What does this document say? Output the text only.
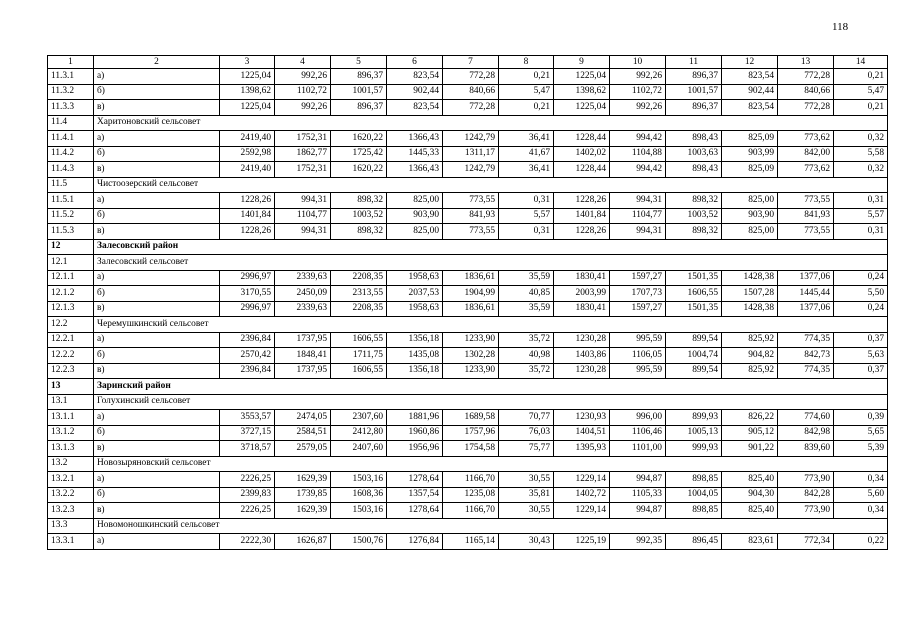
118
1	2	3	4	5	6	7	8	9	10	11	12	13	14
11.3.1	а)	1225,04	992,26	896,37	823,54	772,28	0,21	1225,04	992,26	896,37	823,54	772,28	0,21
11.3.2	б)	1398,62	1102,72	1001,57	902,44	840,66	5,47	1398,62	1102,72	1001,57	902,44	840,66	5,47
11.3.3	в)	1225,04	992,26	896,37	823,54	772,28	0,21	1225,04	992,26	896,37	823,54	772,28	0,21
11.4	Харитоновский сельсовет												
11.4.1	а)	2419,40	1752,31	1620,22	1366,43	1242,79	36,41	1228,44	994,42	898,43	825,09	773,62	0,32
11.4.2	б)	2592,98	1862,77	1725,42	1445,33	1311,17	41,67	1402,02	1104,88	1003,63	903,99	842,00	5,58
11.4.3	в)	2419,40	1752,31	1620,22	1366,43	1242,79	36,41	1228,44	994,42	898,43	825,09	773,62	0,32
11.5	Чистоозерский сельсовет												
11.5.1	а)	1228,26	994,31	898,32	825,00	773,55	0,31	1228,26	994,31	898,32	825,00	773,55	0,31
11.5.2	б)	1401,84	1104,77	1003,52	903,90	841,93	5,57	1401,84	1104,77	1003,52	903,90	841,93	5,57
11.5.3	в)	1228,26	994,31	898,32	825,00	773,55	0,31	1228,26	994,31	898,32	825,00	773,55	0,31
12	Залесовский район												
12.1	Залесовский сельсовет												
12.1.1	а)	2996,97	2339,63	2208,35	1958,63	1836,61	35,59	1830,41	1597,27	1501,35	1428,38	1377,06	0,24
12.1.2	б)	3170,55	2450,09	2313,55	2037,53	1904,99	40,85	2003,99	1707,73	1606,55	1507,28	1445,44	5,50
12.1.3	в)	2996,97	2339,63	2208,35	1958,63	1836,61	35,59	1830,41	1597,27	1501,35	1428,38	1377,06	0,24
12.2	Черемушкинский сельсовет												
12.2.1	а)	2396,84	1737,95	1606,55	1356,18	1233,90	35,72	1230,28	995,59	899,54	825,92	774,35	0,37
12.2.2	б)	2570,42	1848,41	1711,75	1435,08	1302,28	40,98	1403,86	1106,05	1004,74	904,82	842,73	5,63
12.2.3	в)	2396,84	1737,95	1606,55	1356,18	1233,90	35,72	1230,28	995,59	899,54	825,92	774,35	0,37
13	Заринский район												
13.1	Голухинский сельсовет												
13.1.1	а)	3553,57	2474,05	2307,60	1881,96	1689,58	70,77	1230,93	996,00	899,93	826,22	774,60	0,39
13.1.2	б)	3727,15	2584,51	2412,80	1960,86	1757,96	76,03	1404,51	1106,46	1005,13	905,12	842,98	5,65
13.1.3	в)	3718,57	2579,05	2407,60	1956,96	1754,58	75,77	1395,93	1101,00	999,93	901,22	839,60	5,39
13.2	Новозыряновский сельсовет												
13.2.1	а)	2226,25	1629,39	1503,16	1278,64	1166,70	30,55	1229,14	994,87	898,85	825,40	773,90	0,34
13.2.2	б)	2399,83	1739,85	1608,36	1357,54	1235,08	35,81	1402,72	1105,33	1004,05	904,30	842,28	5,60
13.2.3	в)	2226,25	1629,39	1503,16	1278,64	1166,70	30,55	1229,14	994,87	898,85	825,40	773,90	0,34
13.3	Новомоношкинский сельсовет												
13.3.1	а)	2222,30	1626,87	1500,76	1276,84	1165,14	30,43	1225,19	992,35	896,45	823,61	772,34	0,22
